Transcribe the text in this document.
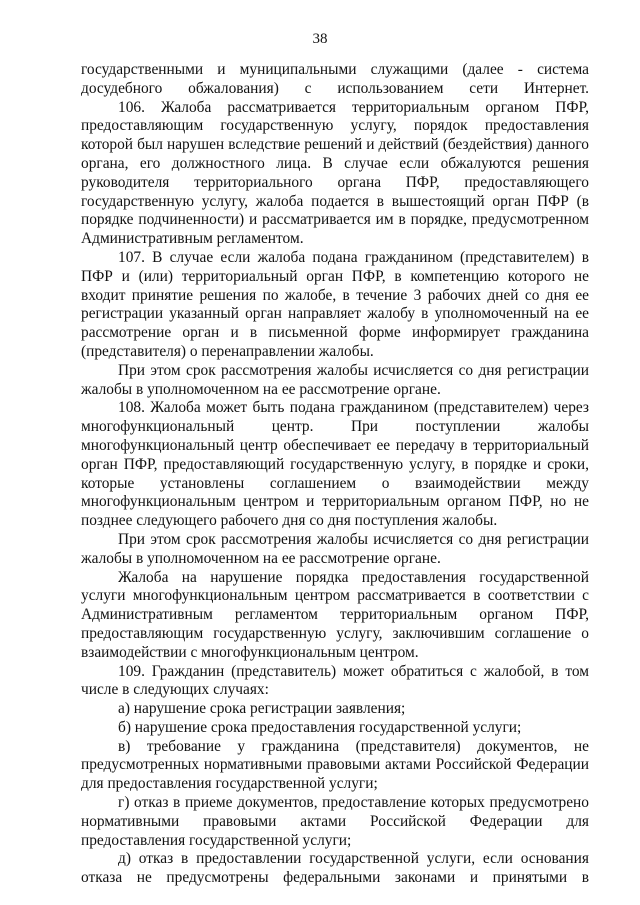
38

государственными и муниципальными служащими (далее - система досудебного обжалования) с использованием сети Интернет.

106. Жалоба рассматривается территориальным органом ПФР, предоставляющим государственную услугу, порядок предоставления которой был нарушен вследствие решений и действий (бездействия) данного органа, его должностного лица. В случае если обжалуются решения руководителя территориального органа ПФР, предоставляющего государственную услугу, жалоба подается в вышестоящий орган ПФР (в порядке подчиненности) и рассматривается им в порядке, предусмотренном Административным регламентом.

107. В случае если жалоба подана гражданином (представителем) в ПФР и (или) территориальный орган ПФР, в компетенцию которого не входит принятие решения по жалобе, в течение 3 рабочих дней со дня ее регистрации указанный орган направляет жалобу в уполномоченный на ее рассмотрение орган и в письменной форме информирует гражданина (представителя) о перенаправлении жалобы.

При этом срок рассмотрения жалобы исчисляется со дня регистрации жалобы в уполномоченном на ее рассмотрение органе.

108. Жалоба может быть подана гражданином (представителем) через многофункциональный центр. При поступлении жалобы многофункциональный центр обеспечивает ее передачу в территориальный орган ПФР, предоставляющий государственную услугу, в порядке и сроки, которые установлены соглашением о взаимодействии между многофункциональным центром и территориальным органом ПФР, но не позднее следующего рабочего дня со дня поступления жалобы.

При этом срок рассмотрения жалобы исчисляется со дня регистрации жалобы в уполномоченном на ее рассмотрение органе.

Жалоба на нарушение порядка предоставления государственной услуги многофункциональным центром рассматривается в соответствии с Административным регламентом территориальным органом ПФР, предоставляющим государственную услугу, заключившим соглашение о взаимодействии с многофункциональным центром.

109. Гражданин (представитель) может обратиться с жалобой, в том числе в следующих случаях:

а) нарушение срока регистрации заявления;

б) нарушение срока предоставления государственной услуги;

в) требование у гражданина (представителя) документов, не предусмотренных нормативными правовыми актами Российской Федерации для предоставления государственной услуги;

г) отказ в приеме документов, предоставление которых предусмотрено нормативными правовыми актами Российской Федерации для предоставления государственной услуги;

д) отказ в предоставлении государственной услуги, если основания отказа не предусмотрены федеральными законами и принятыми в
